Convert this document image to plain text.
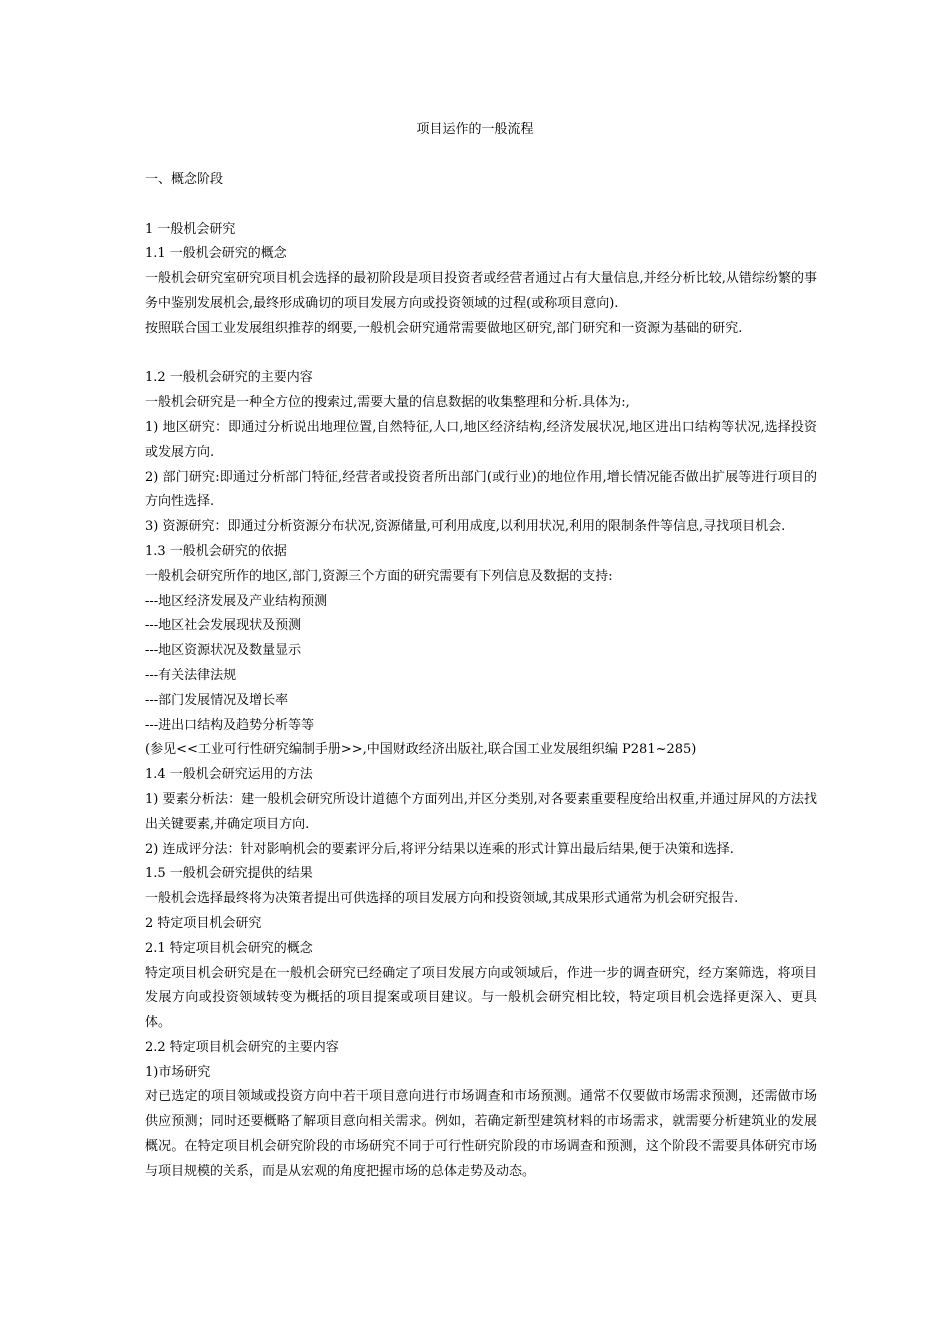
项目运作的一般流程

一、概念阶段

1 一般机会研究

1.1 一般机会研究的概念

一般机会研究室研究项目机会选择的最初阶段是项目投资者或经营者通过占有大量信息,并经分析比较,从错综纷繁的事务中鉴别发展机会,最终形成确切的项目发展方向或投资领域的过程(或称项目意向).

按照联合国工业发展组织推荐的纲要,一般机会研究通常需要做地区研究,部门研究和一资源为基础的研究.

1.2 一般机会研究的主要内容

一般机会研究是一种全方位的搜索过,需要大量的信息数据的收集整理和分析.具体为:,

1) 地区研究：即通过分析说出地理位置,自然特征,人口,地区经济结构,经济发展状况,地区进出口结构等状况,选择投资或发展方向.

2) 部门研究:即通过分析部门特征,经营者或投资者所出部门(或行业)的地位作用,增长情况能否做出扩展等进行项目的方向性选择.

3) 资源研究：即通过分析资源分布状况,资源储量,可利用成度,以利用状况,利用的限制条件等信息,寻找项目机会.

1.3 一般机会研究的依据

一般机会研究所作的地区,部门,资源三个方面的研究需要有下列信息及数据的支持:

---地区经济发展及产业结构预测

---地区社会发展现状及预测

---地区资源状况及数量显示

---有关法律法规

---部门发展情况及增长率

---进出口结构及趋势分析等等

(参见<<工业可行性研究编制手册>>,中国财政经济出版社,联合国工业发展组织编 P281~285)

1.4 一般机会研究运用的方法

1) 要素分析法：建一般机会研究所设计道德个方面列出,并区分类别,对各要素重要程度给出权重,并通过屏风的方法找出关键要素,并确定项目方向.

2) 连成评分法：针对影响机会的要素评分后,将评分结果以连乘的形式计算出最后结果,便于决策和选择.

1.5 一般机会研究提供的结果

一般机会选择最终将为决策者提出可供选择的项目发展方向和投资领域,其成果形式通常为机会研究报告.

2 特定项目机会研究

2.1 特定项目机会研究的概念

特定项目机会研究是在一般机会研究已经确定了项目发展方向或领域后，作进一步的调查研究，经方案筛选，将项目发展方向或投资领域转变为概括的项目提案或项目建议。与一般机会研究相比较，特定项目机会选择更深入、更具体。

2.2 特定项目机会研究的主要内容

1)市场研究

对已选定的项目领域或投资方向中若干项目意向进行市场调查和市场预测。通常不仅要做市场需求预测，还需做市场供应预测；同时还要概略了解项目意向相关需求。例如，若确定新型建筑材料的市场需求，就需要分析建筑业的发展概况。在特定项目机会研究阶段的市场研究不同于可行性研究阶段的市场调查和预测，这个阶段不需要具体研究市场与项目规模的关系，而是从宏观的角度把握市场的总体走势及动态。
